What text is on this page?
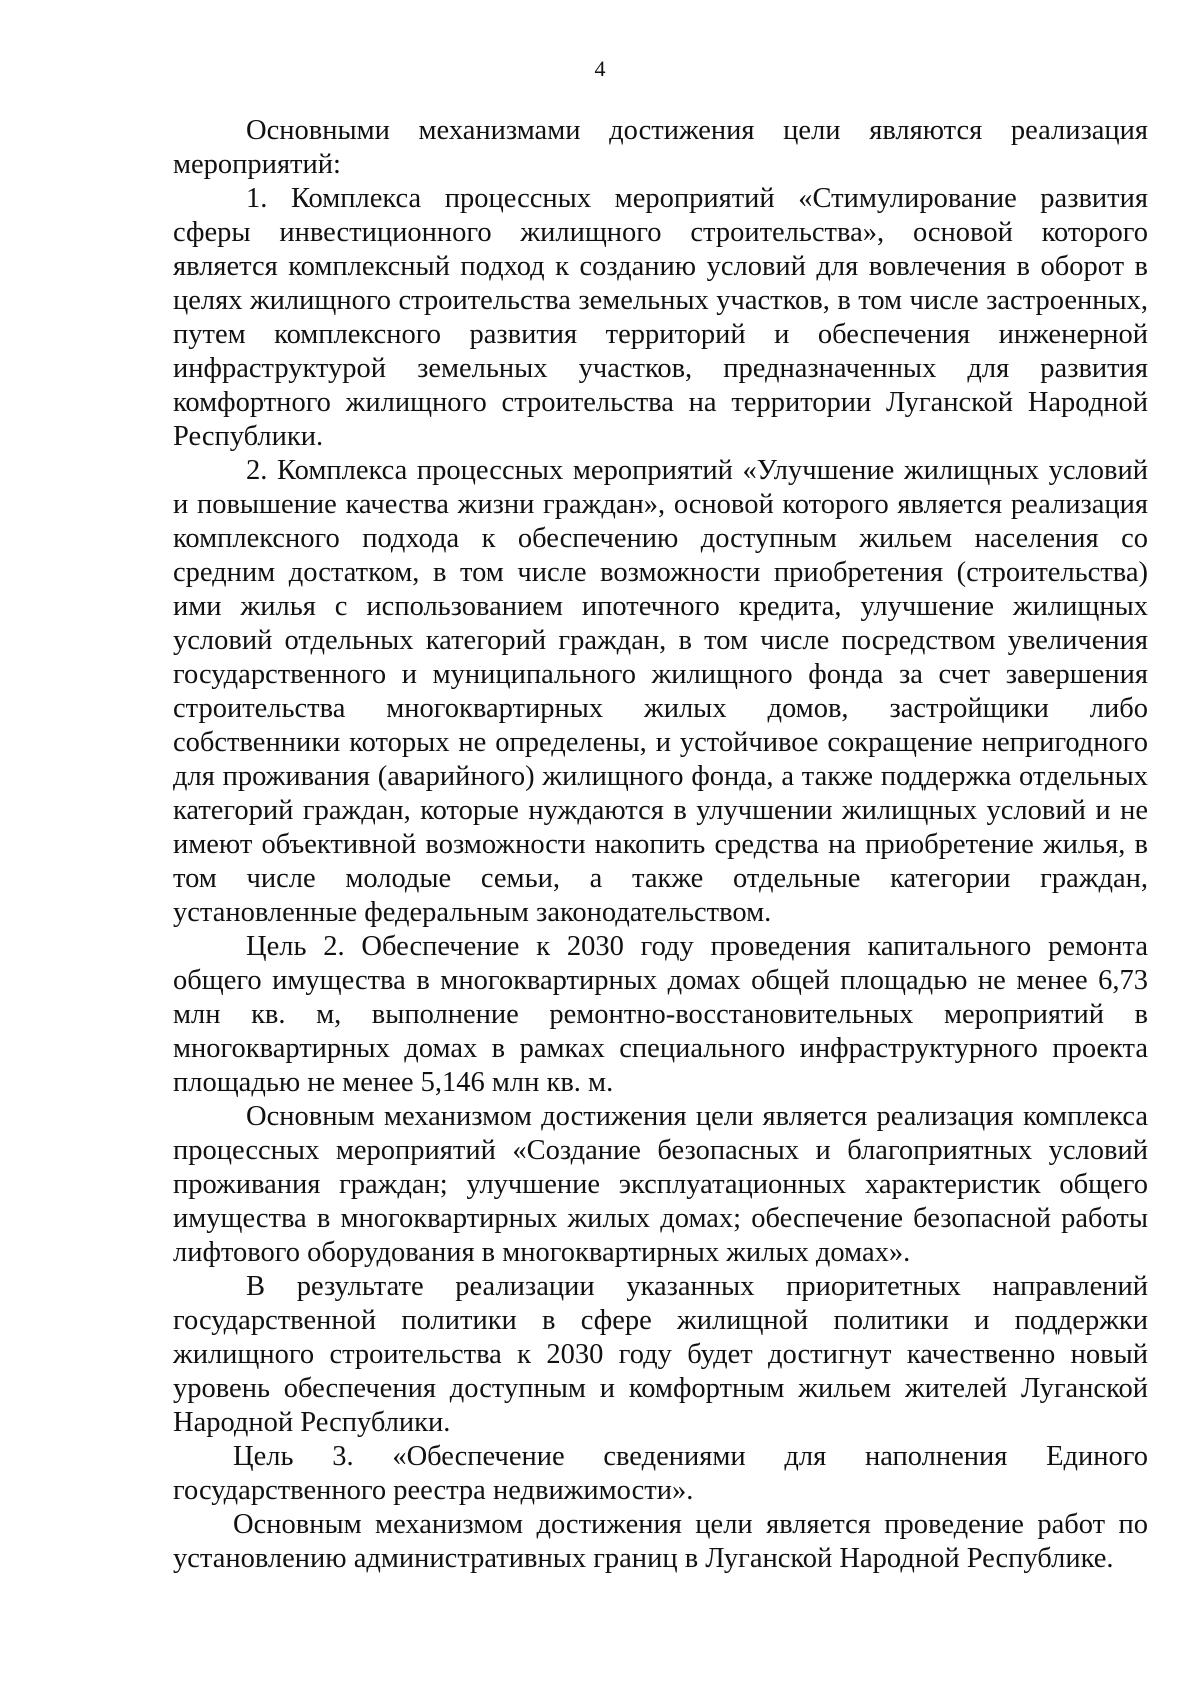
4

Основными механизмами достижения цели являются реализация мероприятий:

1. Комплекса процессных мероприятий «Стимулирование развития сферы инвестиционного жилищного строительства», основой которого является комплексный подход к созданию условий для вовлечения в оборот в целях жилищного строительства земельных участков, в том числе застроенных, путем комплексного развития территорий и обеспечения инженерной инфраструктурой земельных участков, предназначенных для развития комфортного жилищного строительства на территории Луганской Народной Республики.

2. Комплекса процессных мероприятий «Улучшение жилищных условий и повышение качества жизни граждан», основой которого является реализация комплексного подхода к обеспечению доступным жильем населения со средним достатком, в том числе возможности приобретения (строительства) ими жилья с использованием ипотечного кредита, улучшение жилищных условий отдельных категорий граждан, в том числе посредством увеличения государственного и муниципального жилищного фонда за счет завершения строительства многоквартирных жилых домов, застройщики либо собственники которых не определены, и устойчивое сокращение непригодного для проживания (аварийного) жилищного фонда, а также поддержка отдельных категорий граждан, которые нуждаются в улучшении жилищных условий и не имеют объективной возможности накопить средства на приобретение жилья, в том числе молодые семьи, а также отдельные категории граждан, установленные федеральным законодательством.

Цель 2. Обеспечение к 2030 году проведения капитального ремонта общего имущества в многоквартирных домах общей площадью не менее 6,73 млн кв. м, выполнение ремонтно-восстановительных мероприятий в многоквартирных домах в рамках специального инфраструктурного проекта площадью не менее 5,146 млн кв. м.

Основным механизмом достижения цели является реализация комплекса процессных мероприятий «Создание безопасных и благоприятных условий проживания граждан; улучшение эксплуатационных характеристик общего имущества в многоквартирных жилых домах; обеспечение безопасной работы лифтового оборудования в многоквартирных жилых домах».

В результате реализации указанных приоритетных направлений государственной политики в сфере жилищной политики и поддержки жилищного строительства к 2030 году будет достигнут качественно новый уровень обеспечения доступным и комфортным жильем жителей Луганской Народной Республики.

Цель 3. «Обеспечение сведениями для наполнения Единого государственного реестра недвижимости».

Основным механизмом достижения цели является проведение работ по установлению административных границ в Луганской Народной Республике.
